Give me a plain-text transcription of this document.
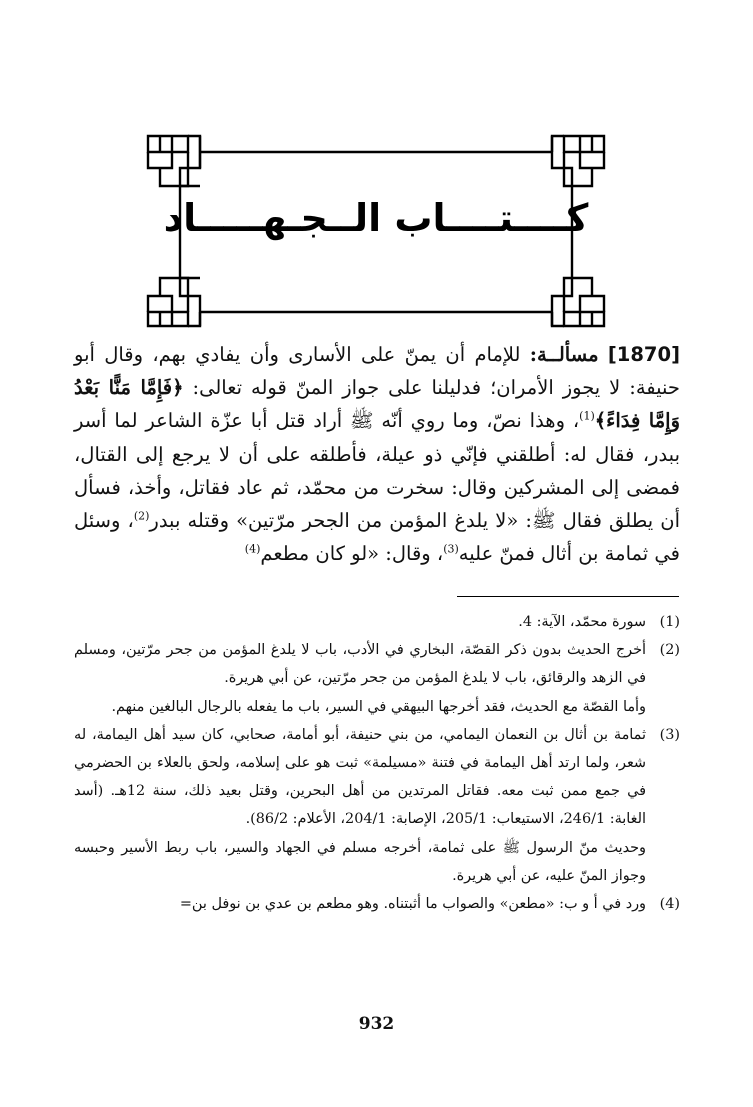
كــــتــــاب الــجـهـــــاد

[1870] مسألــة: للإمام أن يمنّ على الأسارى وأن يفادي بهم، وقال أبو حنيفة: لا يجوز الأمران؛ فدليلنا على جواز المنّ قوله تعالى: ﴿فَإِمَّا مَنًّا بَعْدُ وَإِمَّا فِدَاءً﴾$^{(1)}$، وهذا نصّ، وما روي أنّه ﷺ أراد قتل أبا عزّة الشاعر لما أسر ببدر، فقال له: أطلقني فإنّي ذو عيلة، فأطلقه على أن لا يرجع إلى القتال، فمضى إلى المشركين وقال: سخرت من محمّد، ثم عاد فقاتل، وأخذ، فسأل أن يطلق فقال ﷺ: «لا يلدغ المؤمن من الجحر مرّتين» وقتله ببدر$^{(2)}$، وسئل في ثمامة بن أثال فمنّ عليه$^{(3)}$، وقال: «لو كان مطعم$^{(4)}$

(1)
سورة محمّد، الآية: 4.
(2)
أخرج الحديث بدون ذكر القصّة، البخاري في الأدب، باب لا يلدغ المؤمن من جحر مرّتين، ومسلم في الزهد والرقائق، باب لا يلدغ المؤمن من جحر مرّتين، عن أبي هريرة.

وأما القصّة مع الحديث، فقد أخرجها البيهقي في السير، باب ما يفعله بالرجال البالغين منهم.

(3)
ثمامة بن أثال بن النعمان اليمامي، من بني حنيفة، أبو أمامة، صحابي، كان سيد أهل اليمامة، له شعر، ولما ارتد أهل اليمامة في فتنة «مسيلمة» ثبت هو على إسلامه، ولحق بالعلاء بن الحضرمي في جمع ممن ثبت معه. فقاتل المرتدين من أهل البحرين، وقتل بعيد ذلك، سنة 12هـ. (أسد الغابة: 246/1، الاستيعاب: 205/1، الإصابة: 204/1، الأعلام: 86/2).

وحديث منّ الرسول ﷺ على ثمامة، أخرجه مسلم في الجهاد والسير، باب ربط الأسير وحبسه وجواز المنّ عليه، عن أبي هريرة.

(4)
ورد في أ و ب: «مطعن» والصواب ما أثبتناه. وهو مطعم بن عدي بن نوفل بن=
932
